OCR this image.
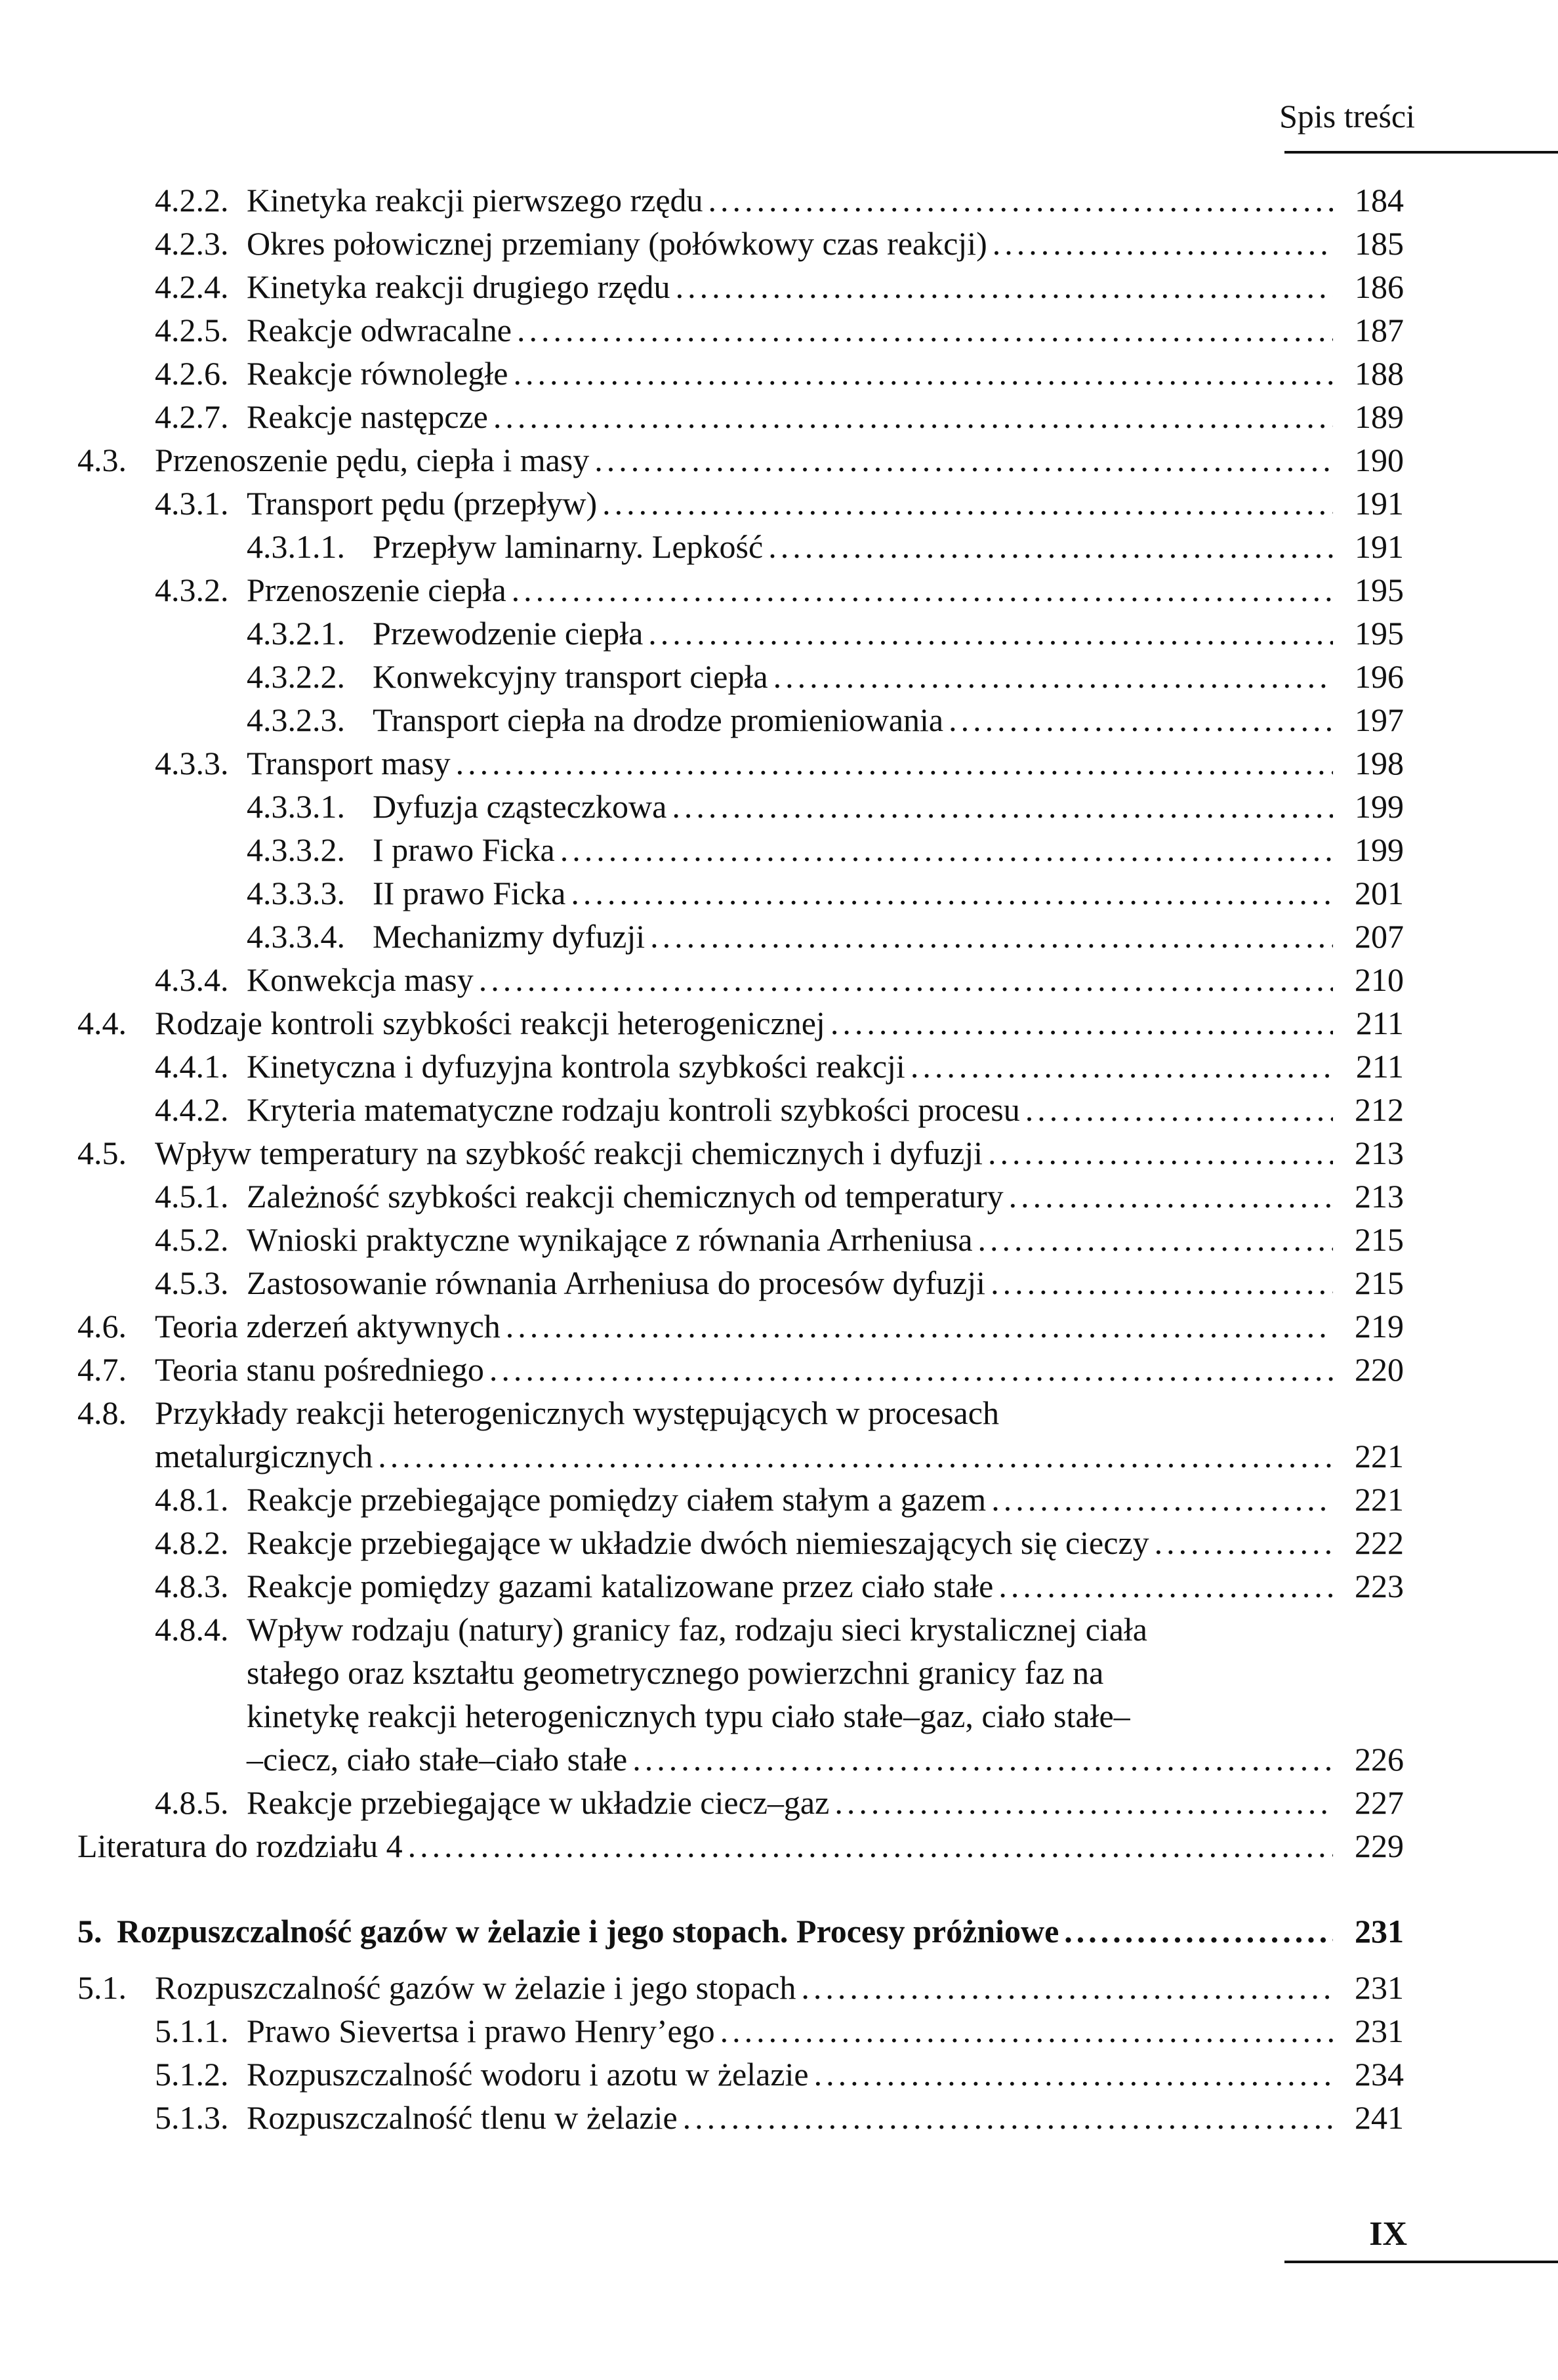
Spis treści
4.2.2. Kinetyka reakcji pierwszego rzędu .....	184
4.2.3. Okres połowicznej przemiany (połówkowy czas reakcji) .....	185
4.2.4. Kinetyka reakcji drugiego rzędu .....	186
4.2.5. Reakcje odwracalne .....	187
4.2.6. Reakcje równoległe .....	188
4.2.7. Reakcje następcze .....	189
4.3. Przenoszenie pędu, ciepła i masy .....	190
4.3.1. Transport pędu (przepływ) .....	191
4.3.1.1. Przepływ laminarny. Lepkość .....	191
4.3.2. Przenoszenie ciepła .....	195
4.3.2.1. Przewodzenie ciepła .....	195
4.3.2.2. Konwekcyjny transport ciepła .....	196
4.3.2.3. Transport ciepła na drodze promieniowania .....	197
4.3.3. Transport masy .....	198
4.3.3.1. Dyfuzja cząsteczkowa .....	199
4.3.3.2. I prawo Ficka .....	199
4.3.3.3. II prawo Ficka .....	201
4.3.3.4. Mechanizmy dyfuzji .....	207
4.3.4. Konwekcja masy .....	210
4.4. Rodzaje kontroli szybkości reakcji heterogenicznej .....	211
4.4.1. Kinetyczna i dyfuzyjna kontrola szybkości reakcji .....	211
4.4.2. Kryteria matematyczne rodzaju kontroli szybkości procesu .....	212
4.5. Wpływ temperatury na szybkość reakcji chemicznych i dyfuzji .....	213
4.5.1. Zależność szybkości reakcji chemicznych od temperatury .....	213
4.5.2. Wnioski praktyczne wynikające z równania Arrheniusa .....	215
4.5.3. Zastosowanie równania Arrheniusa do procesów dyfuzji .....	215
4.6. Teoria zderzeń aktywnych .....	219
4.7. Teoria stanu pośredniego .....	220
4.8. Przykłady reakcji heterogenicznych występujących w procesach
metalurgicznych .....	221
4.8.1. Reakcje przebiegające pomiędzy ciałem stałym a gazem .....	221
4.8.2. Reakcje przebiegające w układzie dwóch niemieszających się cieczy .....	222
4.8.3. Reakcje pomiędzy gazami katalizowane przez ciało stałe .....	223
4.8.4. Wpływ rodzaju (natury) granicy faz, rodzaju sieci krystalicznej ciała
stałego oraz kształtu geometrycznego powierzchni granicy faz na
kinetykę reakcji heterogenicznych typu ciało stałe–gaz, ciało stałe–
–ciecz, ciało stałe–ciało stałe .....	226
4.8.5. Reakcje przebiegające w układzie ciecz–gaz .....	227
Literatura do rozdziału 4 .....	229
5. Rozpuszczalność gazów w żelazie i jego stopach. Procesy próżniowe .....	231
5.1. Rozpuszczalność gazów w żelazie i jego stopach .....	231
5.1.1. Prawo Sievertsa i prawo Henry’ego .....	231
5.1.2. Rozpuszczalność wodoru i azotu w żelazie .....	234
5.1.3. Rozpuszczalność tlenu w żelazie .....	241
IX
